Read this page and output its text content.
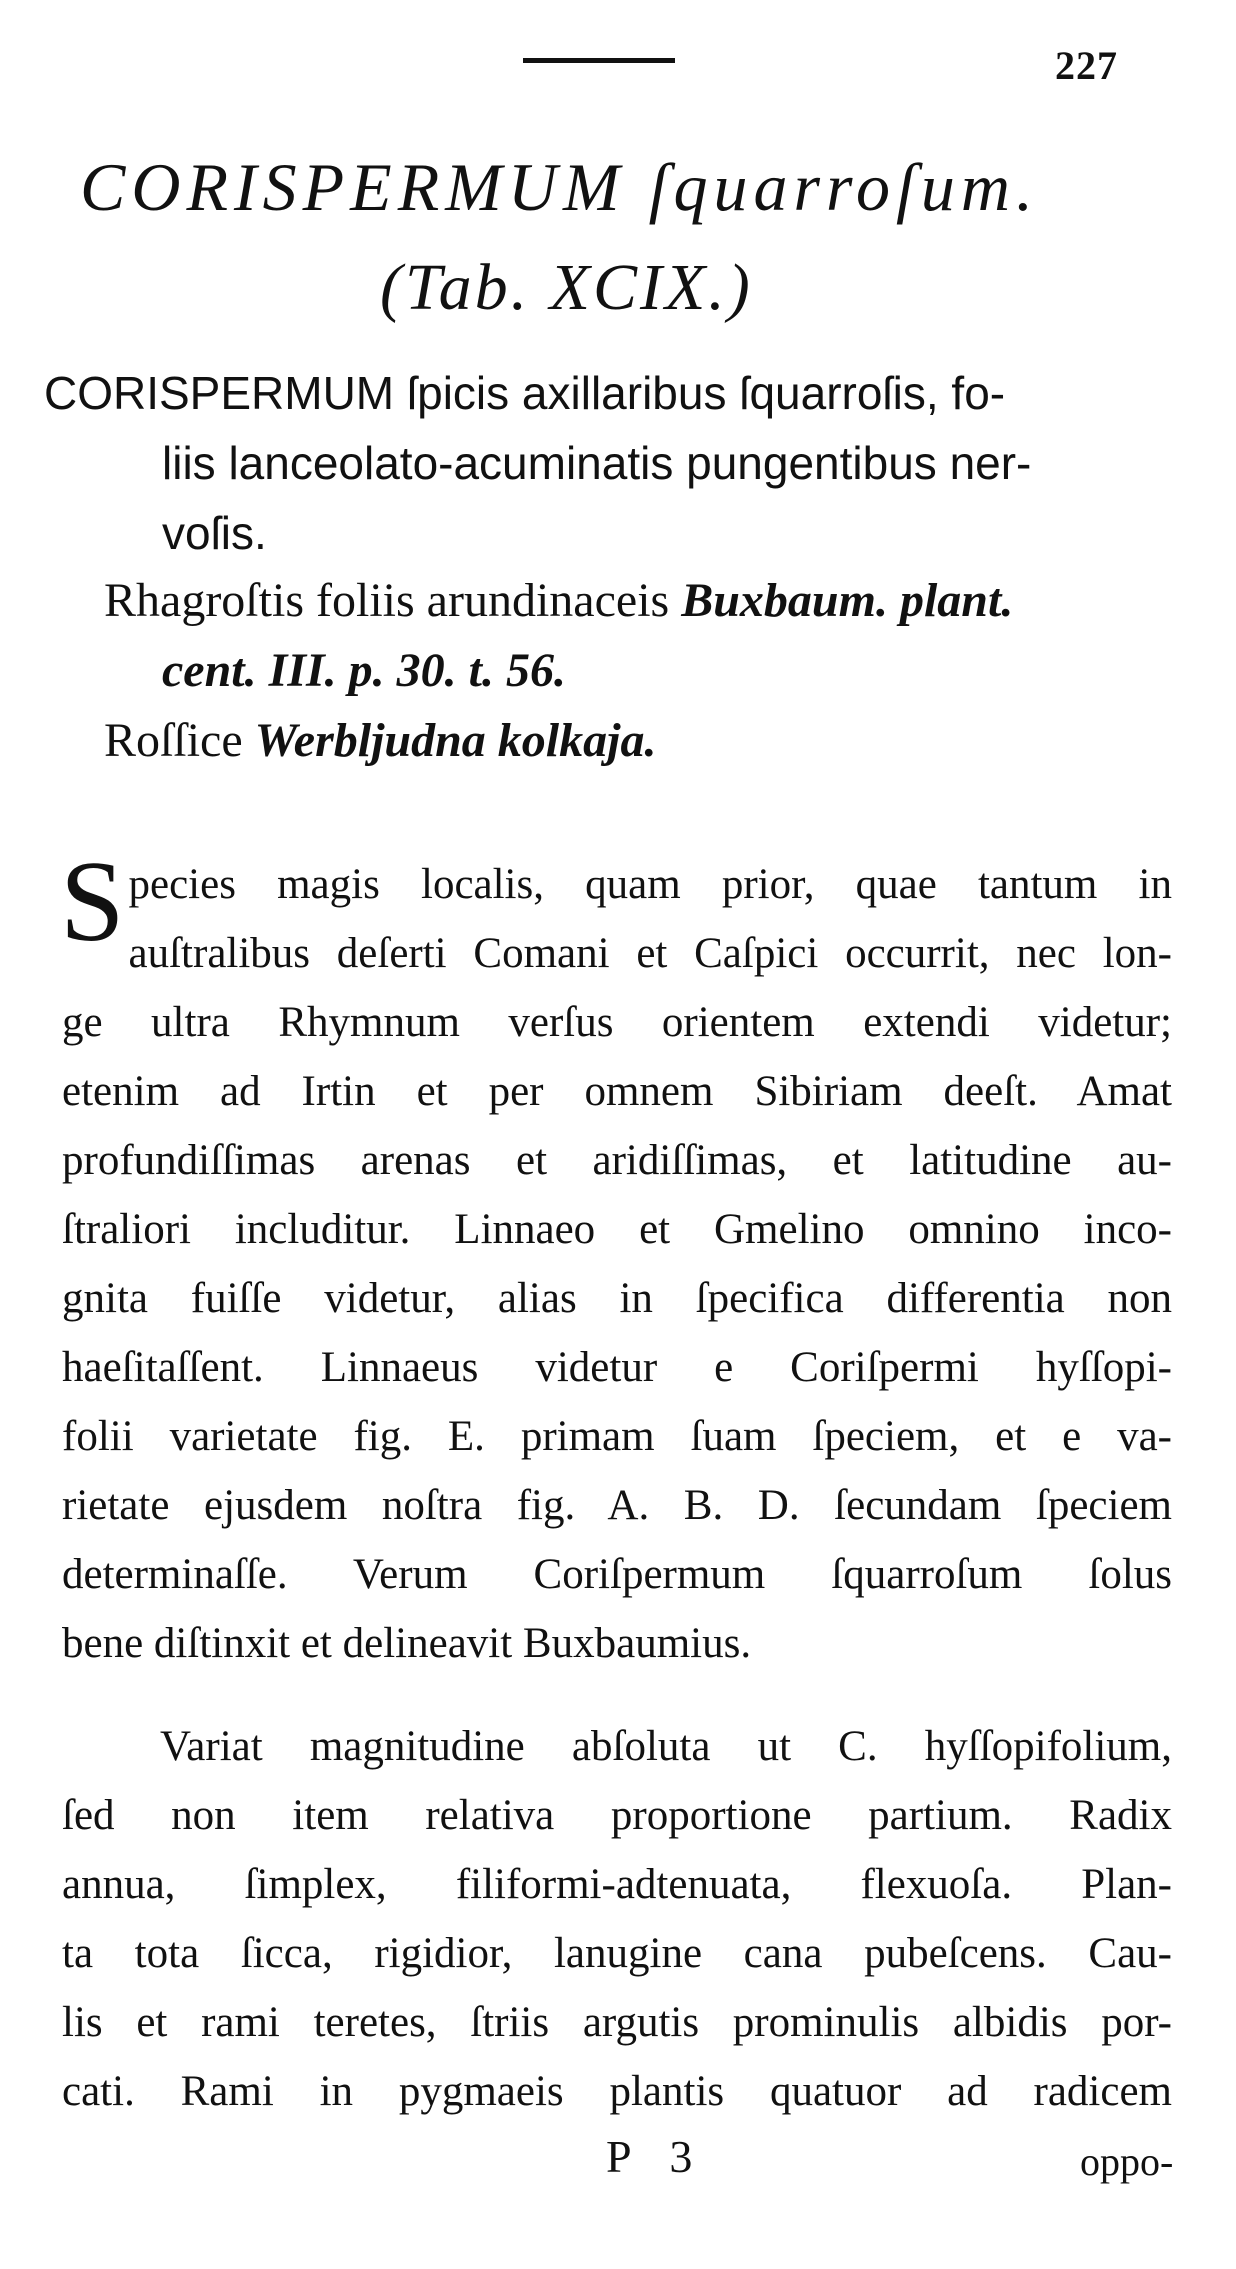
227
CORISPERMUM ſquarroſum.
(Tab. XCIX.)
CORISPERMUM ſpicis axillaribus ſquarroſis, fo-
liis lanceolato-acuminatis pungentibus ner-
voſis.
Rhagroſtis foliis arundinaceis Buxbaum. plant.
cent. III. p. 30. t. 56.
Roſſice Werbljudna kolkaja.

S pecies magis localis, quam prior, quae tantum in
auſtralibus deſerti Comani et Caſpici occurrit, nec lon-
ge ultra Rhymnum verſus orientem extendi videtur;
etenim ad Irtin et per omnem Sibiriam deeſt. Amat
profundiſſimas arenas et aridiſſimas, et latitudine au-
ſtraliori includitur. Linnaeo et Gmelino omnino inco-
gnita fuiſſe videtur, alias in ſpecifica differentia non
haeſitaſſent. Linnaeus videtur e Coriſpermi hyſſopi-
folii varietate fig. E. primam ſuam ſpeciem, et e va-
rietate ejusdem noſtra fig. A. B. D. ſecundam ſpeciem
determinaſſe. Verum Coriſpermum ſquarroſum ſolus
bene diſtinxit et delineavit Buxbaumius.

Variat magnitudine abſoluta ut C. hyſſopifolium,
ſed non item relativa proportione partium. Radix
annua, ſimplex, filiformi-adtenuata, flexuoſa. Plan-
ta tota ſicca, rigidior, lanugine cana pubeſcens. Cau-
lis et rami teretes, ſtriis argutis prominulis albidis por-
cati. Rami in pygmaeis plantis quatuor ad radicem

P 3	oppo-
